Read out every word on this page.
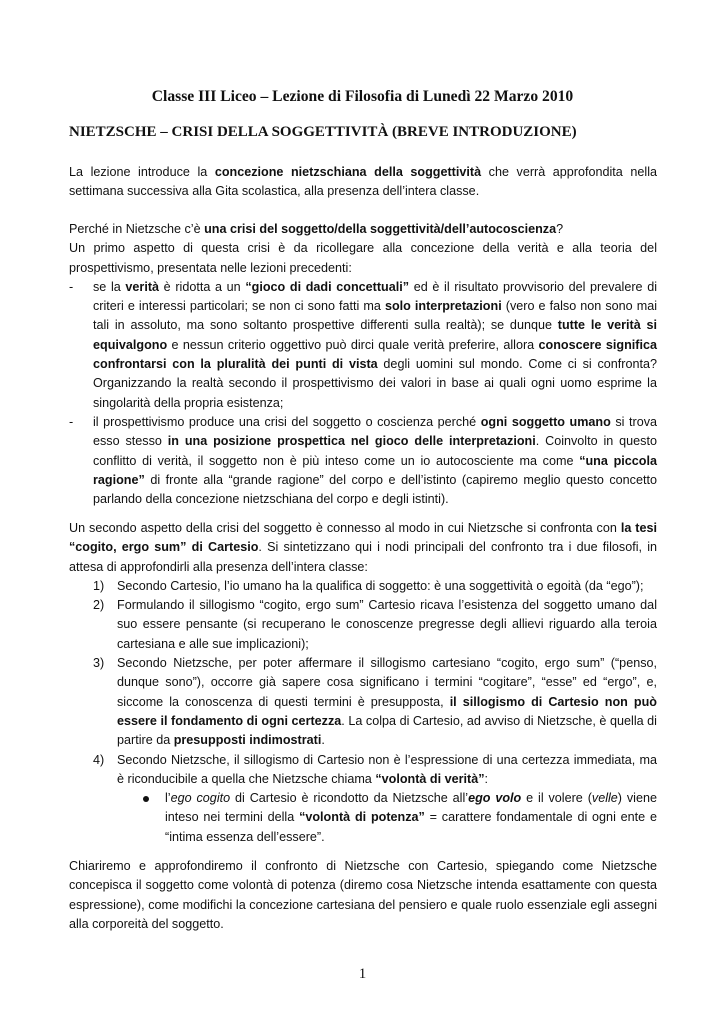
Classe III Liceo – Lezione di Filosofia di Lunedì 22 Marzo 2010
NIETZSCHE – CRISI DELLA SOGGETTIVITÀ (BREVE INTRODUZIONE)

La lezione introduce la concezione nietzschiana della soggettività che verrà approfondita nella settimana successiva alla Gita scolastica, alla presenza dell’intera classe.

Perché in Nietzsche c’è una crisi del soggetto/della soggettività/dell’autocoscienza?

Un primo aspetto di questa crisi è da ricollegare alla concezione della verità e alla teoria del prospettivismo, presentata nelle lezioni precedenti:

- se la verità è ridotta a un “gioco di dadi concettuali” ed è il risultato provvisorio del prevalere di criteri e interessi particolari; se non ci sono fatti ma solo interpretazioni (vero e falso non sono mai tali in assoluto, ma sono soltanto prospettive differenti sulla realtà); se dunque tutte le verità si equivalgono e nessun criterio oggettivo può dirci quale verità preferire, allora conoscere significa confrontarsi con la pluralità dei punti di vista degli uomini sul mondo. Come ci si confronta? Organizzando la realtà secondo il prospettivismo dei valori in base ai quali ogni uomo esprime la singolarità della propria esistenza;
- il prospettivismo produce una crisi del soggetto o coscienza perché ogni soggetto umano si trova esso stesso in una posizione prospettica nel gioco delle interpretazioni. Coinvolto in questo conflitto di verità, il soggetto non è più inteso come un io autocosciente ma come “una piccola ragione” di fronte alla “grande ragione” del corpo e dell’istinto (capiremo meglio questo concetto parlando della concezione nietzschiana del corpo e degli istinti).

Un secondo aspetto della crisi del soggetto è connesso al modo in cui Nietzsche si confronta con la tesi “cogito, ergo sum” di Cartesio. Si sintetizzano qui i nodi principali del confronto tra i due filosofi, in attesa di approfondirli alla presenza dell’intera classe:

1) Secondo Cartesio, l’io umano ha la qualifica di soggetto: è una soggettività o egoità (da “ego”);
2) Formulando il sillogismo “cogito, ergo sum” Cartesio ricava l’esistenza del soggetto umano dal suo essere pensante (si recuperano le conoscenze pregresse degli allievi riguardo alla teroia cartesiana e alle sue implicazioni);
3) Secondo Nietzsche, per poter affermare il sillogismo cartesiano “cogito, ergo sum” (“penso, dunque sono”), occorre già sapere cosa significano i termini “cogitare”, “esse” ed “ergo”, e, siccome la conoscenza di questi termini è presupposta, il sillogismo di Cartesio non può essere il fondamento di ogni certezza. La colpa di Cartesio, ad avviso di Nietzsche, è quella di partire da presupposti indimostrati.
4) Secondo Nietzsche, il sillogismo di Cartesio non è l’espressione di una certezza immediata, ma è riconducibile a quella che Nietzsche chiama “volontà di verità”:
l’ego cogito di Cartesio è ricondotto da Nietzsche all’ego volo e il volere (velle) viene inteso nei termini della “volontà di potenza” = carattere fondamentale di ogni ente e “intima essenza dell’essere”.

Chiariremo e approfondiremo il confronto di Nietzsche con Cartesio, spiegando come Nietzsche concepisca il soggetto come volontà di potenza (diremo cosa Nietzsche intenda esattamente con questa espressione), come modifichi la concezione cartesiana del pensiero e quale ruolo essenziale egli assegni alla corporeità del soggetto.

1
